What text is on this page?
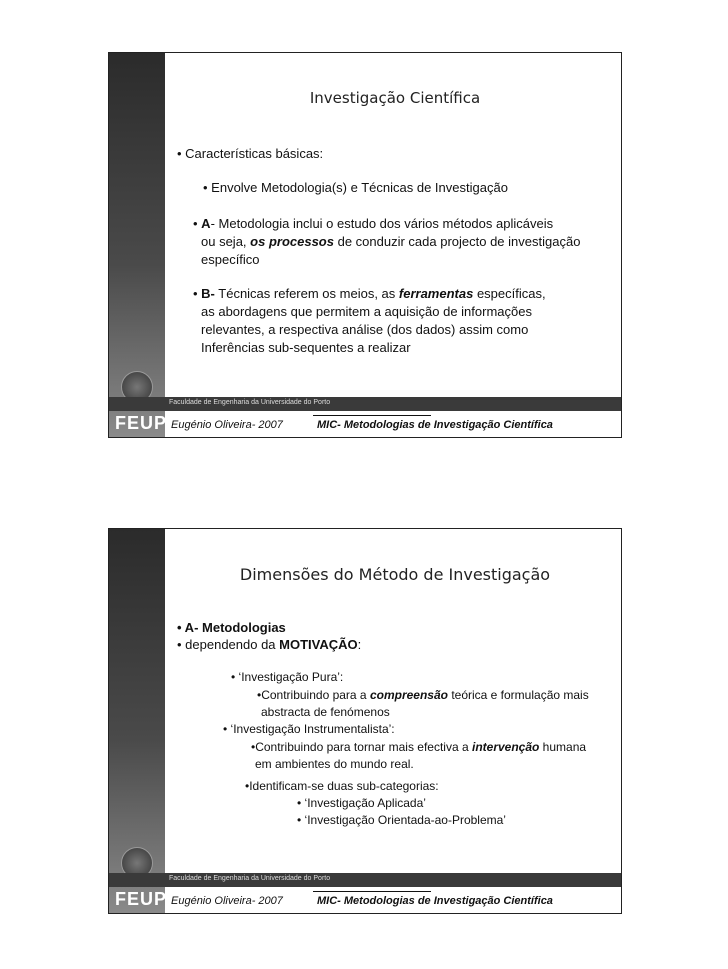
Faculdade de Engenharia da Universidade do Porto
FEUP Eugénio Oliveira- 2007	MIC- Metodologias de Investigação Científica
Investigação Científica
• Características básicas:
• Envolve Metodologia(s) e Técnicas de Investigação
• A- Metodologia inclui o estudo dos vários métodos aplicáveis
ou seja, os processos de conduzir cada projecto de investigação
específico
• B- Técnicas referem os meios, as ferramentas específicas,
as abordagens que permitem a aquisição de informações
relevantes, a respectiva análise (dos dados) assim como
Inferências sub-sequentes a realizar
Faculdade de Engenharia da Universidade do Porto
FEUP Eugénio Oliveira- 2007	MIC- Metodologias de Investigação Científica
Dimensões do Método de Investigação
• A- Metodologias
• dependendo da MOTIVAÇÃO:
• ‘Investigação Pura’:
•Contribuindo para a compreensão teórica e formulação mais
abstracta de fenómenos
• ‘Investigação Instrumentalista’:
•Contribuindo para tornar mais efectiva a intervenção humana
em ambientes do mundo real.
•Identificam-se duas sub-categorias:
• ‘Investigação Aplicada’
• ‘Investigação Orientada-ao-Problema’
